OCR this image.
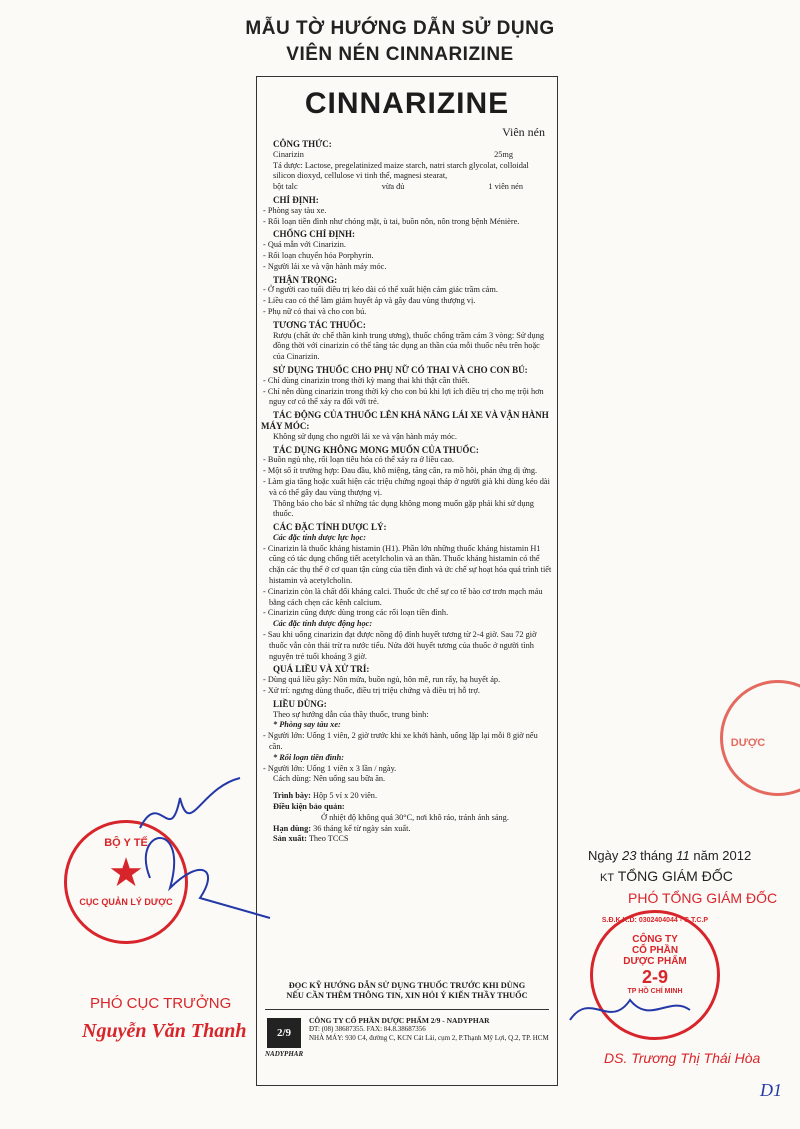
MẪU TỜ HƯỚNG DẪN SỬ DỤNG
VIÊN NÉN CINNARIZINE
CINNARIZINE
Viên nén
CÔNG THỨC:
Cinarizin	25mg
Tá dược: Lactose, pregelatinized maize starch, natri starch glycolat, colloidal silicon dioxyd, cellulose vi tinh thể, magnesi stearat,
bột talc	vừa đủ	1 viên nén
CHỈ ĐỊNH:
- Phòng say tàu xe.
- Rối loạn tiền đình như chóng mặt, ù tai, buồn nôn, nôn trong bệnh Ménière.
CHỐNG CHỈ ĐỊNH:
- Quá mẫn với Cinarizin.
- Rối loạn chuyển hóa Porphyrin.
- Người lái xe và vận hành máy móc.
THẬN TRỌNG:
- Ở người cao tuổi điều trị kéo dài có thể xuất hiện cảm giác trầm cảm.
- Liều cao có thể làm giảm huyết áp và gây đau vùng thượng vị.
- Phụ nữ có thai và cho con bú.
TƯƠNG TÁC THUỐC:
Rượu (chất ức chế thần kinh trung ương), thuốc chống trầm cảm 3 vòng: Sử dụng đồng thời với cinarizin có thể tăng tác dụng an thần của mỗi thuốc nêu trên hoặc của Cinarizin.
SỬ DỤNG THUỐC CHO PHỤ NỮ CÓ THAI VÀ CHO CON BÚ:
- Chỉ dùng cinarizin trong thời kỳ mang thai khi thật cần thiết.
- Chỉ nên dùng cinarizin trong thời kỳ cho con bú khi lợi ích điều trị cho mẹ trội hơn nguy cơ có thể xảy ra đối với trẻ.
TÁC ĐỘNG CỦA THUỐC LÊN KHẢ NĂNG LÁI XE VÀ VẬN HÀNH MÁY MÓC:
Không sử dụng cho người lái xe và vận hành máy móc.
TÁC DỤNG KHÔNG MONG MUỐN CỦA THUỐC:
- Buồn ngủ nhẹ, rối loạn tiêu hóa có thể xảy ra ở liều cao.
- Một số ít trường hợp: Đau đầu, khô miệng, tăng cân, ra mồ hôi, phản ứng dị ứng.
- Làm gia tăng hoặc xuất hiện các triệu chứng ngoại tháp ở người già khi dùng kéo dài và có thể gây đau vùng thượng vị.
Thông báo cho bác sĩ những tác dụng không mong muốn gặp phải khi sử dụng thuốc.
CÁC ĐẶC TÍNH DƯỢC LÝ:
Các đặc tính dược lực học:
- Cinarizin là thuốc kháng histamin (H1). Phần lớn những thuốc kháng histamin H1 cũng có tác dụng chống tiết acetylcholin và an thần. Thuốc kháng histamin có thể chặn các thụ thể ở cơ quan tận cùng của tiền đình và ức chế sự hoạt hóa quá trình tiết histamin và acetylcholin.
- Cinarizin còn là chất đối kháng calci. Thuốc ức chế sự co tế bào cơ trơn mạch máu bằng cách chẹn các kênh calcium.
- Cinarizin cũng được dùng trong các rối loạn tiền đình.
Các đặc tính dược động học:
- Sau khi uống cinarizin đạt được nồng độ đỉnh huyết tương từ 2-4 giờ. Sau 72 giờ thuốc vẫn còn thải trừ ra nước tiểu. Nửa đời huyết tương của thuốc ở người tình nguyện trẻ tuổi khoảng 3 giờ.
QUÁ LIỀU VÀ XỬ TRÍ:
- Dùng quá liều gây: Nôn mửa, buồn ngủ, hôn mê, run rẩy, hạ huyết áp.
- Xử trí: ngưng dùng thuốc, điều trị triệu chứng và điều trị hỗ trợ.
LIỀU DÙNG:
Theo sự hướng dẫn của thầy thuốc, trung bình:
* Phòng say tàu xe:
- Người lớn: Uống 1 viên, 2 giờ trước khi xe khởi hành, uống lặp lại mỗi 8 giờ nếu cần.
* Rối loạn tiền đình:
- Người lớn: Uống 1 viên x 3 lần / ngày.
Cách dùng: Nên uống sau bữa ăn.
Trình bày: Hộp 5 vỉ x 20 viên.
Điều kiện bảo quản:
Ở nhiệt độ không quá 30°C, nơi khô ráo, tránh ánh sáng.
Hạn dùng: 36 tháng kể từ ngày sản xuất.
Sản xuất: Theo TCCS
ĐỌC KỸ HƯỚNG DẪN SỬ DỤNG THUỐC TRƯỚC KHI DÙNG
NẾU CẦN THÊM THÔNG TIN, XIN HỎI Ý KIẾN THẦY THUỐC
2/9
NADYPHAR
CÔNG TY CỔ PHẦN DƯỢC PHẨM 2/9 - NADYPHAR
ĐT: (08) 38687355. FAX: 84.8.38687356
NHÀ MÁY: 930 C4, đường C, KCN Cát Lái, cụm 2, P.Thạnh Mỹ Lợi, Q.2, TP. HCM
BỘ Y TẾ
★
CỤC QUẢN LÝ DƯỢC
PHÓ CỤC TRƯỞNG
Nguyễn Văn Thanh
DƯỢC
Ngày 23 tháng 11 năm 2012
KT TỔNG GIÁM ĐỐC
PHÓ TỔNG GIÁM ĐỐC
S.Đ.K.K.D: 0302404044 - C.T.C.P
CÔNG TY
CỔ PHẦN
DƯỢC PHẨM
2-9
TP HỒ CHÍ MINH
DS. Trương Thị Thái Hòa
D1
